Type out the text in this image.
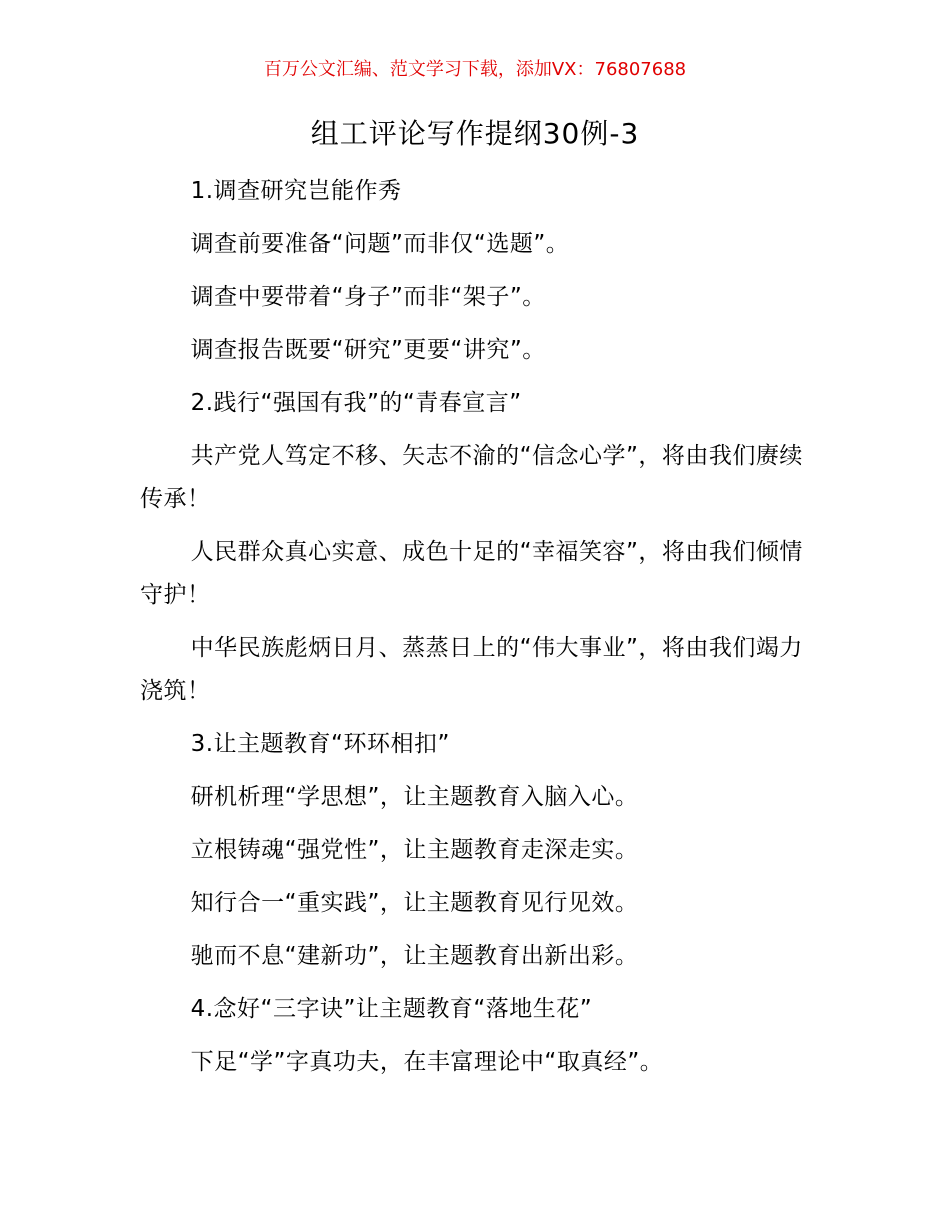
百万公文汇编、范文学习下载，添加VX：76807688
组工评论写作提纲30例-3

1.调查研究岂能作秀

调查前要准备“问题”而非仅“选题”。

调查中要带着“身子”而非“架子”。

调查报告既要“研究”更要“讲究”。

2.践行“强国有我”的“青春宣言”

共产党人笃定不移、矢志不渝的“信念心学”，将由我们赓续传承！

人民群众真心实意、成色十足的“幸福笑容”，将由我们倾情守护！

中华民族彪炳日月、蒸蒸日上的“伟大事业”，将由我们竭力浇筑！

3.让主题教育“环环相扣”

研机析理“学思想”，让主题教育入脑入心。

立根铸魂“强党性”，让主题教育走深走实。

知行合一“重实践”，让主题教育见行见效。

驰而不息“建新功”，让主题教育出新出彩。

4.念好“三字诀”让主题教育“落地生花”

下足“学”字真功夫，在丰富理论中“取真经”。
